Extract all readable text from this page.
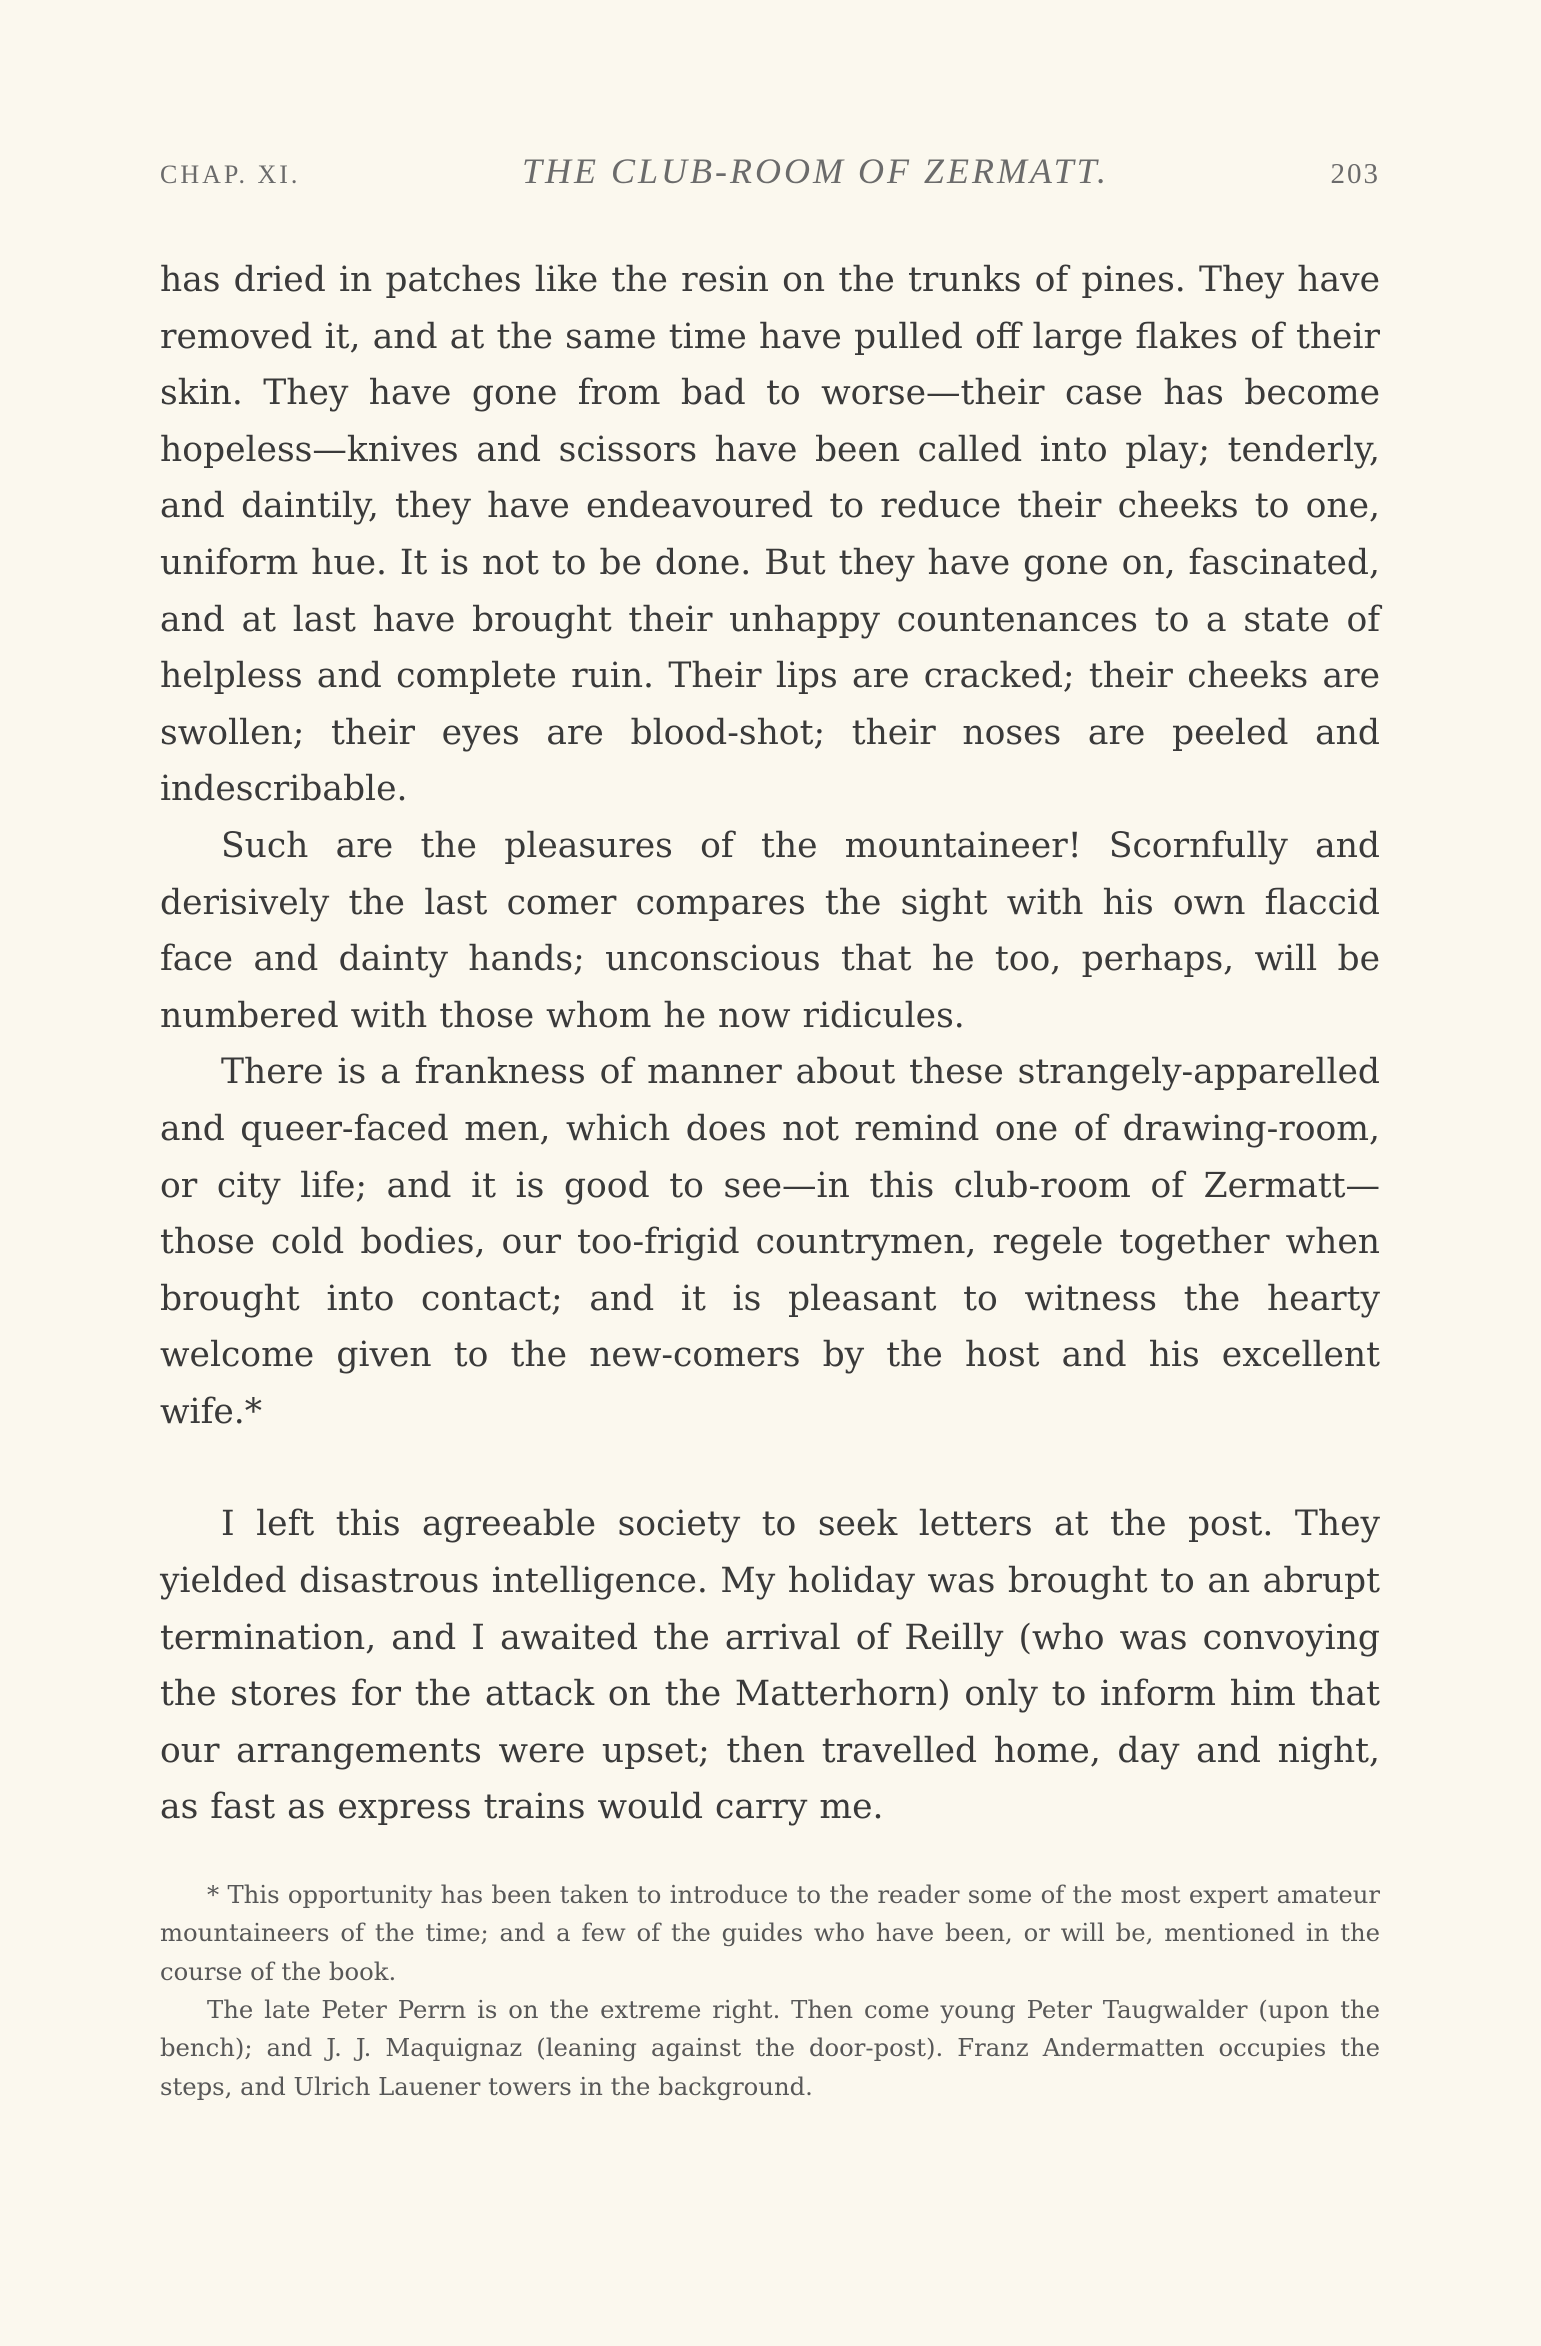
CHAP. XI.	THE CLUB-ROOM OF ZERMATT.	203

has dried in patches like the resin on the trunks of pines. They have removed it, and at the same time have pulled off large flakes of their skin. They have gone from bad to worse—their case has become hopeless—knives and scissors have been called into play; tenderly, and daintily, they have endeavoured to reduce their cheeks to one, uniform hue. It is not to be done. But they have gone on, fascinated, and at last have brought their unhappy countenances to a state of helpless and complete ruin. Their lips are cracked; their cheeks are swollen; their eyes are blood-shot; their noses are peeled and indescribable.

Such are the pleasures of the mountaineer! Scornfully and derisively the last comer compares the sight with his own flaccid face and dainty hands; unconscious that he too, perhaps, will be numbered with those whom he now ridicules.

There is a frankness of manner about these strangely-apparelled and queer-faced men, which does not remind one of drawing-room, or city life; and it is good to see—in this club-room of Zermatt—those cold bodies, our too-frigid countrymen, regele together when brought into contact; and it is pleasant to witness the hearty welcome given to the new-comers by the host and his excellent wife.*

I left this agreeable society to seek letters at the post. They yielded disastrous intelligence. My holiday was brought to an abrupt termination, and I awaited the arrival of Reilly (who was convoying the stores for the attack on the Matterhorn) only to inform him that our arrangements were upset; then travelled home, day and night, as fast as express trains would carry me.

* This opportunity has been taken to introduce to the reader some of the most expert amateur mountaineers of the time; and a few of the guides who have been, or will be, mentioned in the course of the book.

The late Peter Perrn is on the extreme right. Then come young Peter Taugwalder (upon the bench); and J. J. Maquignaz (leaning against the door-post). Franz Andermatten occupies the steps, and Ulrich Lauener towers in the background.
